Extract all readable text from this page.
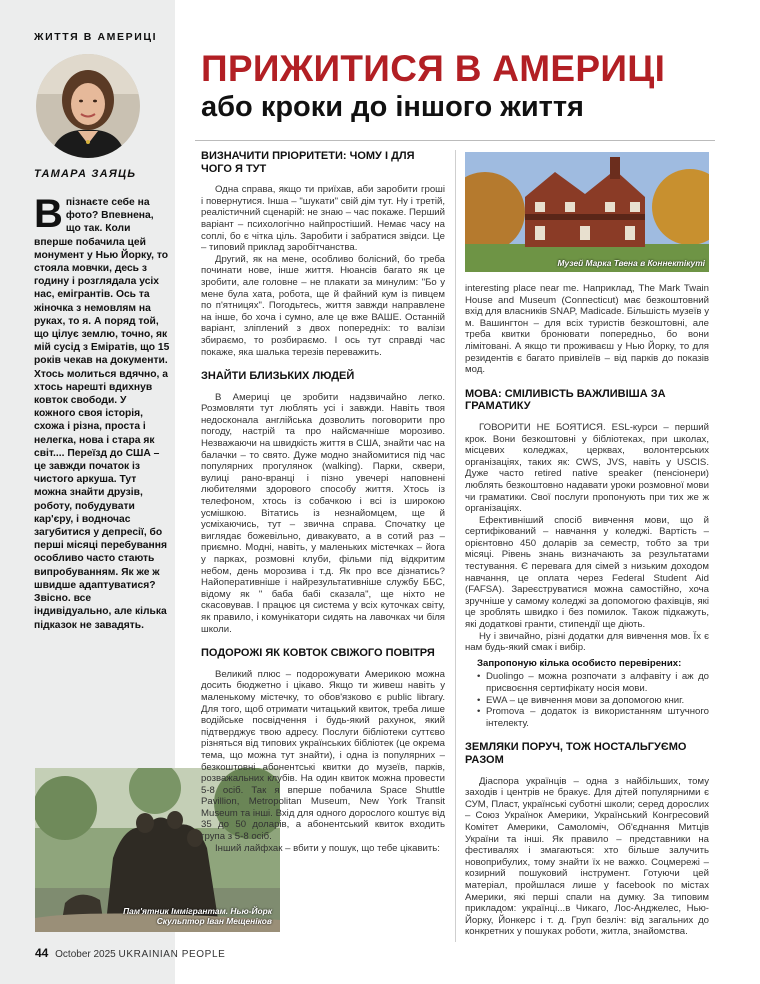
ЖИТТЯ В АМЕРИЦІ
ТАМАРА ЗАЯЦЬ
Впізнаєте себе на фото? Впевнена, що так. Коли вперше побачила цей монумент у Нью Йорку, то стояла мовчки, десь з годину і розглядала усіх нас, емігрантів. Ось та жіночка з немовлям на руках, то я. А поряд той, що цілує землю, точно, як мій сусід з Еміратів, що 15 років чекав на документи. Хтось молиться вдячно, а хтось нарешті вдихнув ковток свободи. У кожного своя історія, схожа і різна, проста і нелегка, нова і стара як світ.... Переїзд до США – це завжди початок із чистого аркуша. Тут можна знайти друзів, роботу, побудувати кар'єру, і водночас загубитися у депресії, бо перші місяці перебування особливо часто стають випробуванням. Як же ж швидше адаптуватися? Звісно. все індивідуально, але кілька підказок не завадять.
Пам'ятник Іммігрантам. Нью-Йорк Скульптор Іван Мещеніков
ПРИЖИТИСЯ В АМЕРИЦІ
або кроки до іншого життя
ВИЗНАЧИТИ ПРІОРИТЕТИ: ЧОМУ І ДЛЯ ЧОГО Я ТУТ

Одна справа, якщо ти приїхав, аби заробити гроші і повернутися. Інша – "шукати" свій дім тут. Ну і третій, реалістичний сценарій: не знаю – час покаже. Перший варіант – психологічно найпростіший. Немає часу на соплі, бо є чітка ціль. Заробити і забратися звідси. Це – типовий приклад заробітчанства.

Другий, як на мене, особливо болісний, бо треба починати нове, інше життя. Нюансів багато як це зробити, але головне – не плакати за минулим: "Бо у мене була хата, робота, ще й файний кум із пивцем по п'ятницях". Погодьтесь, життя завжди направлене на інше, бо хоча і сумно, але це вже ВАШЕ. Останній варіант, зліплений з двох попередніх: то валізи збираємо, то розбираємо. І ось тут справді час покаже, яка шалька терезів переважить.

ЗНАЙТИ БЛИЗЬКИХ ЛЮДЕЙ

В Америці це зробити надзвичайно легко. Розмовляти тут люблять усі і завжди. Навіть твоя недосконала англійська дозволить поговорити про погоду, настрій та про найсмачніше морозиво. Незважаючи на швидкість життя в США, знайти час на балачки – то свято. Дуже модно знайомитися під час популярних прогулянок (walking). Парки, сквери, вулиці рано-вранці і пізно увечері наповнені любителями здорового способу життя. Хтось із телефоном, хтось із собачкою і всі із широкою усмішкою. Вітатись із незнайомцем, ще й усміхаючись, тут – звична справа. Спочатку це виглядає божевільно, дивакувато, а в сотий раз – приємно. Модні, навіть, у маленьких містечках – йога у парках, розмовні клуби, фільми під відкритим небом, день морозива і т.д. Як про все дізнатись? Найоперативніше і найрезультативніше службу ББС, відому як " баба бабі сказала", ще ніхто не скасовував. І працює ця система у всіх куточках світу, як правило, і комунікатори сидять на лавочках чи біля школи.

ПОДОРОЖІ ЯК КОВТОК СВІЖОГО ПОВІТРЯ

Великий плюс – подорожувати Америкою можна досить бюджетно і цікаво. Якщо ти живеш навіть у маленькому містечку, то обов'язково є public library. Для того, щоб отримати читацький квиток, треба лише водійське посвідчення і будь-який рахунок, який підтверджує твою адресу. Послуги бібліотеки суттєво різняться від типових українських бібліотек (це окрема тема, що можна тут знайти), і одна із популярних – безкоштовні абонентські квитки до музеїв, парків, розважальних клубів. На один квиток можна провести 5-8 осіб. Так я вперше побачила Space Shuttle Pavillion, Metropolitan Museum, New York Transit Museum та інші. Вхід для одного дорослого коштує від 35 до 50 доларів, а абонентський квиток входить група з 5-8 осіб.

Інший лайфхак – вбити у пошук, що тебе цікавить:

Музей Марка Твена в Коннектікуті

interesting place near me. Наприклад, The Mark Twain House and Museum (Connecticut) має безкоштовний вхід для власників SNAP, Madicade. Більшість музеїв у м. Вашингтон – для всіх туристів безкоштовні, але треба квитки бронювати попередньо, бо вони лімітовані. А якщо ти проживаєш у Нью Йорку, то для резидентів є багато привілеїв – від парків до показів мод.

МОВА: СМІЛИВІСТЬ ВАЖЛИВІША ЗА ГРАМАТИКУ

ГОВОРИТИ НЕ БОЯТИСЯ. ESL-курси – перший крок. Вони безкоштовні у бібліотеках, при школах, місцевих коледжах, церквах, волонтерських організаціях, таких як: CWS, JVS, навіть у USCIS. Дуже часто retired native speaker (пенсіонери) люблять безкоштовно надавати уроки розмовної мови чи граматики. Свої послуги пропонують при тих же ж організаціях.

Ефективніший спосіб вивчення мови, що й сертифікований – навчання у коледжі. Вартість – орієнтовно 450 доларів за семестр, тобто за три місяці. Рівень знань визначають за результатами тестування. Є перевага для сімей з низьким доходом навчання, це оплата через Federal Student Aid (FAFSA). Зареєструватися можна самостійно, хоча зручніше у самому коледжі за допомогою фахівців, які це зроблять швидко і без помилок. Також підкажуть, які додаткові гранти, стипендії ще діють.

Ну і звичайно, різні додатки для вивчення мов. Їх є нам будь-який смак і вибір.

Запропоную кілька особисто перевірених:
• Duolingo – можна розпочати з алфавіту і аж до присвоєння сертифікату носія мови.
• EWA – це вивчення мови за допомогою книг.
• Promova – додаток із використанням штучного інтелекту.
ЗЕМЛЯКИ ПОРУЧ, ТОЖ НОСТАЛЬГУЄМО РАЗОМ

Діаспора українців – одна з найбільших, тому заходів і центрів не бракує. Для дітей популярними є СУМ, Пласт, українські суботні школи; серед дорослих – Союз Українок Америки, Український Конгресовий Комітет Америки, Самоломіч, Об'єднання Митців України та інші. Як правило – представники на фестивалях і змагаються: хто більше залучить новоприбулих, тому знайти їх не важко. Соцмережі – козирний пошуковий інструмент. Готуючи цей матеріал, пройшлася лише у facebook по містах Америки, які перші спали на думку. За типовим прикладом: українці...в Чикаго, Лос-Анджелес, Нью-Йорку, Йонкерс і т. д. Груп безліч: від загальних до конкретних у пошуках роботи, житла, знайомства.

44 October 2025 UKRAINIAN PEOPLE
